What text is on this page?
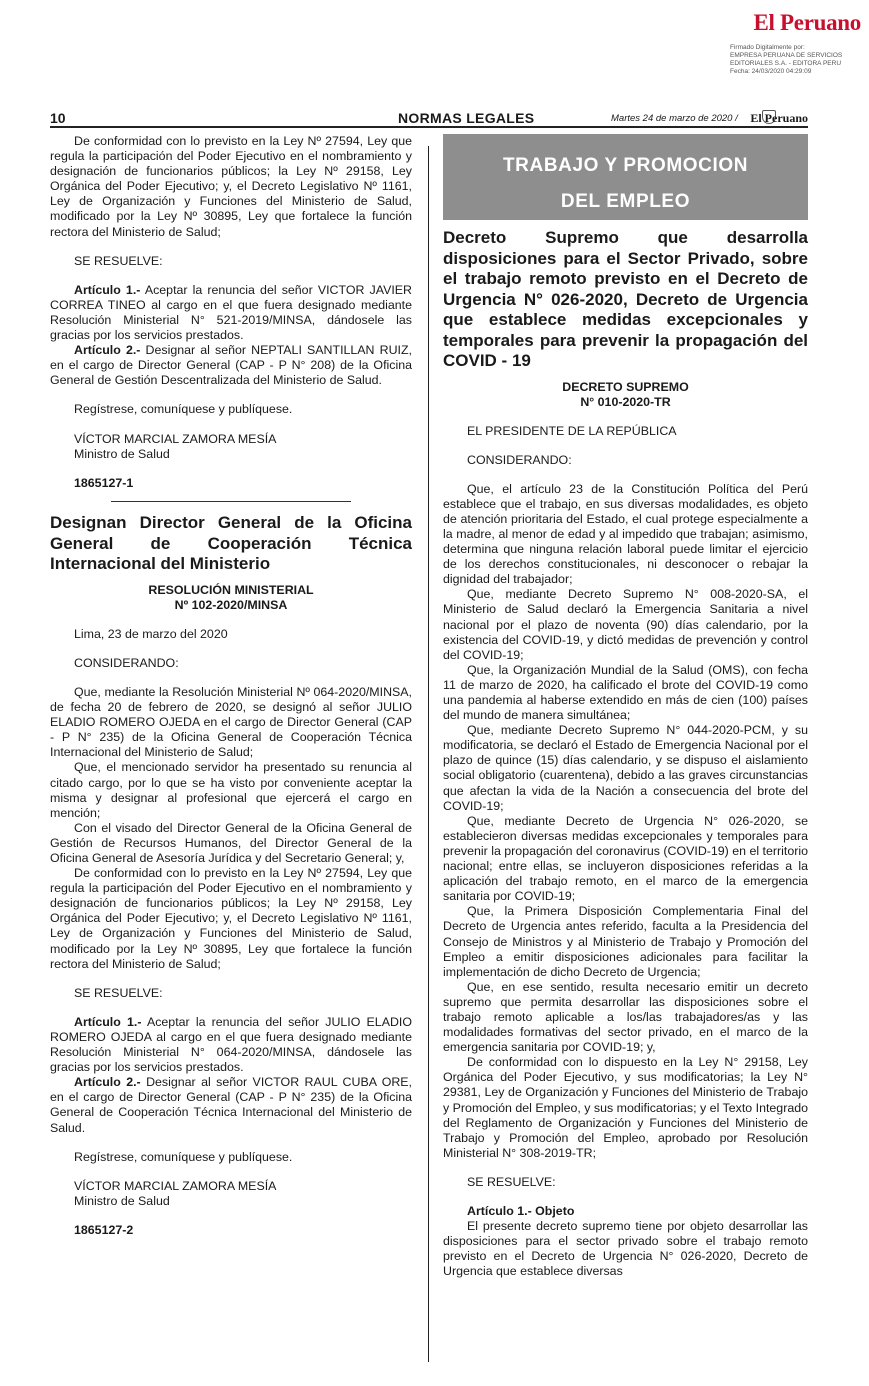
El Peruano
Firmado Digitalmente por:
EMPRESA PERUANA DE SERVICIOS
EDITORIALES S.A. - EDITORA PERU
Fecha: 24/03/2020 04:29:09
10	NORMAS LEGALES	Martes 24 de marzo de 2020 / El Peruano

De conformidad con lo previsto en la Ley Nº 27594, Ley que regula la participación del Poder Ejecutivo en el nombramiento y designación de funcionarios públicos; la Ley Nº 29158, Ley Orgánica del Poder Ejecutivo; y, el Decreto Legislativo Nº 1161, Ley de Organización y Funciones del Ministerio de Salud, modificado por la Ley Nº 30895, Ley que fortalece la función rectora del Ministerio de Salud;

SE RESUELVE:

Artículo 1.- Aceptar la renuncia del señor VICTOR JAVIER CORREA TINEO al cargo en el que fuera designado mediante Resolución Ministerial N° 521-2019/MINSA, dándosele las gracias por los servicios prestados.

Artículo 2.- Designar al señor NEPTALI SANTILLAN RUIZ, en el cargo de Director General (CAP - P N° 208) de la Oficina General de Gestión Descentralizada del Ministerio de Salud.

Regístrese, comuníquese y publíquese.
VÍCTOR MARCIAL ZAMORA MESÍA
Ministro de Salud
1865127-1
Designan Director General de la Oficina General de Cooperación Técnica Internacional del Ministerio
RESOLUCIÓN MINISTERIAL
Nº 102-2020/MINSA
Lima, 23 de marzo del 2020
CONSIDERANDO:

Que, mediante la Resolución Ministerial Nº 064-2020/MINSA, de fecha 20 de febrero de 2020, se designó al señor JULIO ELADIO ROMERO OJEDA en el cargo de Director General (CAP - P N° 235) de la Oficina General de Cooperación Técnica Internacional del Ministerio de Salud;

Que, el mencionado servidor ha presentado su renuncia al citado cargo, por lo que se ha visto por conveniente aceptar la misma y designar al profesional que ejercerá el cargo en mención;

Con el visado del Director General de la Oficina General de Gestión de Recursos Humanos, del Director General de la Oficina General de Asesoría Jurídica y del Secretario General; y,

De conformidad con lo previsto en la Ley Nº 27594, Ley que regula la participación del Poder Ejecutivo en el nombramiento y designación de funcionarios públicos; la Ley Nº 29158, Ley Orgánica del Poder Ejecutivo; y, el Decreto Legislativo Nº 1161, Ley de Organización y Funciones del Ministerio de Salud, modificado por la Ley Nº 30895, Ley que fortalece la función rectora del Ministerio de Salud;

SE RESUELVE:

Artículo 1.- Aceptar la renuncia del señor JULIO ELADIO ROMERO OJEDA al cargo en el que fuera designado mediante Resolución Ministerial N° 064-2020/MINSA, dándosele las gracias por los servicios prestados.

Artículo 2.- Designar al señor VICTOR RAUL CUBA ORE, en el cargo de Director General (CAP - P N° 235) de la Oficina General de Cooperación Técnica Internacional del Ministerio de Salud.

Regístrese, comuníquese y publíquese.
VÍCTOR MARCIAL ZAMORA MESÍA
Ministro de Salud
1865127-2
TRABAJO Y PROMOCION
DEL EMPLEO
Decreto Supremo que desarrolla disposiciones para el Sector Privado, sobre el trabajo remoto previsto en el Decreto de Urgencia N° 026-2020, Decreto de Urgencia que establece medidas excepcionales y temporales para prevenir la propagación del COVID - 19
DECRETO SUPREMO
N° 010-2020-TR
EL PRESIDENTE DE LA REPÚBLICA
CONSIDERANDO:

Que, el artículo 23 de la Constitución Política del Perú establece que el trabajo, en sus diversas modalidades, es objeto de atención prioritaria del Estado, el cual protege especialmente a la madre, al menor de edad y al impedido que trabajan; asimismo, determina que ninguna relación laboral puede limitar el ejercicio de los derechos constitucionales, ni desconocer o rebajar la dignidad del trabajador;

Que, mediante Decreto Supremo N° 008-2020-SA, el Ministerio de Salud declaró la Emergencia Sanitaria a nivel nacional por el plazo de noventa (90) días calendario, por la existencia del COVID-19, y dictó medidas de prevención y control del COVID-19;

Que, la Organización Mundial de la Salud (OMS), con fecha 11 de marzo de 2020, ha calificado el brote del COVID-19 como una pandemia al haberse extendido en más de cien (100) países del mundo de manera simultánea;

Que, mediante Decreto Supremo N° 044-2020-PCM, y su modificatoria, se declaró el Estado de Emergencia Nacional por el plazo de quince (15) días calendario, y se dispuso el aislamiento social obligatorio (cuarentena), debido a las graves circunstancias que afectan la vida de la Nación a consecuencia del brote del COVID-19;

Que, mediante Decreto de Urgencia N° 026-2020, se establecieron diversas medidas excepcionales y temporales para prevenir la propagación del coronavirus (COVID-19) en el territorio nacional; entre ellas, se incluyeron disposiciones referidas a la aplicación del trabajo remoto, en el marco de la emergencia sanitaria por COVID-19;

Que, la Primera Disposición Complementaria Final del Decreto de Urgencia antes referido, faculta a la Presidencia del Consejo de Ministros y al Ministerio de Trabajo y Promoción del Empleo a emitir disposiciones adicionales para facilitar la implementación de dicho Decreto de Urgencia;

Que, en ese sentido, resulta necesario emitir un decreto supremo que permita desarrollar las disposiciones sobre el trabajo remoto aplicable a los/las trabajadores/as y las modalidades formativas del sector privado, en el marco de la emergencia sanitaria por COVID-19; y,

De conformidad con lo dispuesto en la Ley N° 29158, Ley Orgánica del Poder Ejecutivo, y sus modificatorias; la Ley N° 29381, Ley de Organización y Funciones del Ministerio de Trabajo y Promoción del Empleo, y sus modificatorias; y el Texto Integrado del Reglamento de Organización y Funciones del Ministerio de Trabajo y Promoción del Empleo, aprobado por Resolución Ministerial N° 308-2019-TR;

SE RESUELVE:
Artículo 1.- Objeto

El presente decreto supremo tiene por objeto desarrollar las disposiciones para el sector privado sobre el trabajo remoto previsto en el Decreto de Urgencia N° 026-2020, Decreto de Urgencia que establece diversas
